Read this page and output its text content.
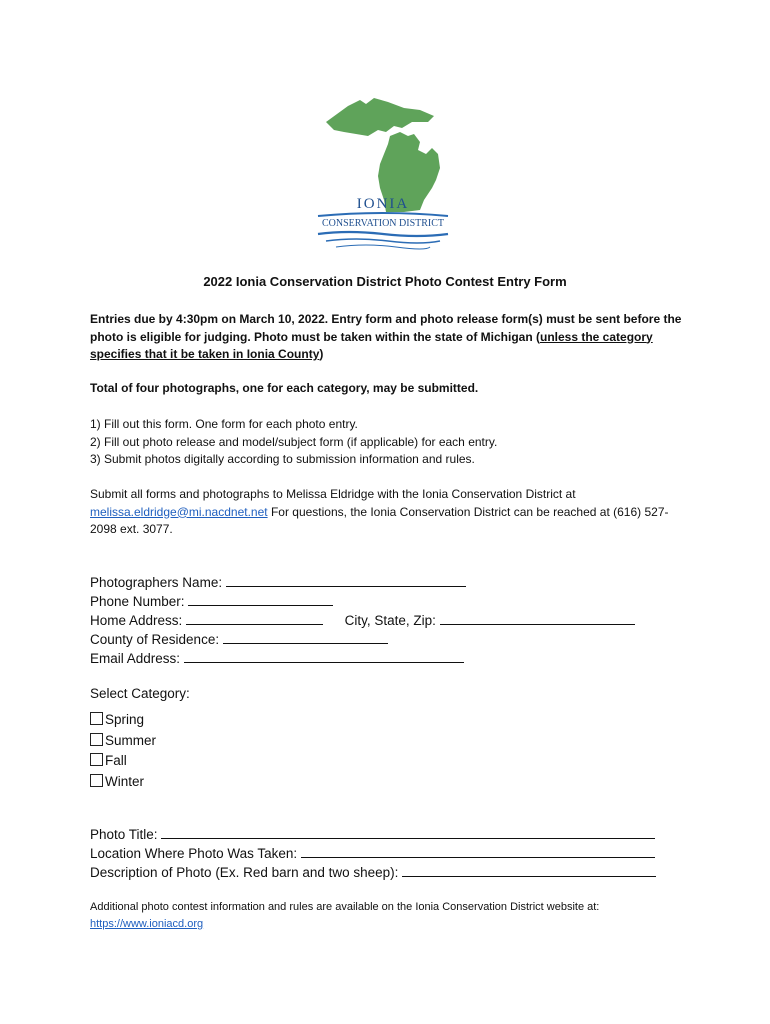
IONIA
CONSERVATION DISTRICT
2022 Ionia Conservation District Photo Contest Entry Form
Entries due by 4:30pm on March 10, 2022. Entry form and photo release form(s) must be sent before the photo is eligible for judging. Photo must be taken within the state of Michigan (unless the category specifies that it be taken in Ionia County)
Total of four photographs, one for each category, may be submitted.
1) Fill out this form. One form for each photo entry.
2) Fill out photo release and model/subject form (if applicable) for each entry.
3) Submit photos digitally according to submission information and rules.
Submit all forms and photographs to Melissa Eldridge with the Ionia Conservation District at
melissa.eldridge@mi.nacdnet.net For questions, the Ionia Conservation District can be reached at (616) 527-2098 ext. 3077.
Photographers Name:
Phone Number:
Home Address:	City, State, Zip:
County of Residence:
Email Address:
Select Category:
Spring
Summer
Fall
Winter
Photo Title:
Location Where Photo Was Taken:
Description of Photo (Ex. Red barn and two sheep):
Additional photo contest information and rules are available on the Ionia Conservation District website at:
https://www.ioniacd.org
